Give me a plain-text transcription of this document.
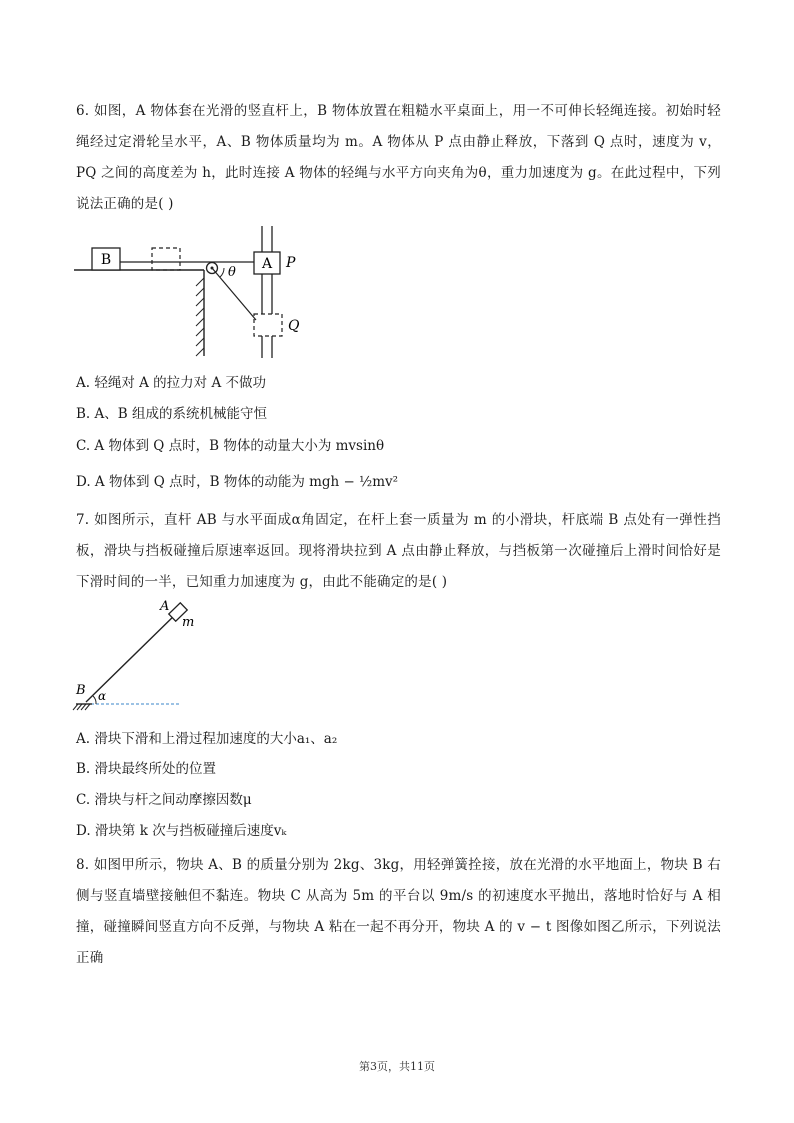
6. 如图，A 物体套在光滑的竖直杆上，B 物体放置在粗糙水平桌面上，用一不可伸长轻绳连接。初始时轻绳经过定滑轮呈水平，A、B 物体质量均为 m。A 物体从 P 点由静止释放，下落到 Q 点时，速度为 v，PQ 之间的高度差为 h，此时连接 A 物体的轻绳与水平方向夹角为θ，重力加速度为 g。在此过程中，下列说法正确的是( )
B
θ
A P
Q
A. 轻绳对 A 的拉力对 A 不做功
B. A、B 组成的系统机械能守恒
C. A 物体到 Q 点时，B 物体的动量大小为 mvsinθ
D. A 物体到 Q 点时，B 物体的动能为 mgh − ½mv²
7. 如图所示，直杆 AB 与水平面成α角固定，在杆上套一质量为 m 的小滑块，杆底端 B 点处有一弹性挡板，滑块与挡板碰撞后原速率返回。现将滑块拉到 A 点由静止释放，与挡板第一次碰撞后上滑时间恰好是下滑时间的一半，已知重力加速度为 g，由此不能确定的是( )
A
m
B α
A. 滑块下滑和上滑过程加速度的大小a₁、a₂
B. 滑块最终所处的位置
C. 滑块与杆之间动摩擦因数μ
D. 滑块第 k 次与挡板碰撞后速度vₖ
8. 如图甲所示，物块 A、B 的质量分别为 2kg、3kg，用轻弹簧拴接，放在光滑的水平地面上，物块 B 右侧与竖直墙壁接触但不黏连。物块 C 从高为 5m 的平台以 9m/s 的初速度水平抛出，落地时恰好与 A 相撞，碰撞瞬间竖直方向不反弹，与物块 A 粘在一起不再分开，物块 A 的 v − t 图像如图乙所示，下列说法正确
第3页，共11页
